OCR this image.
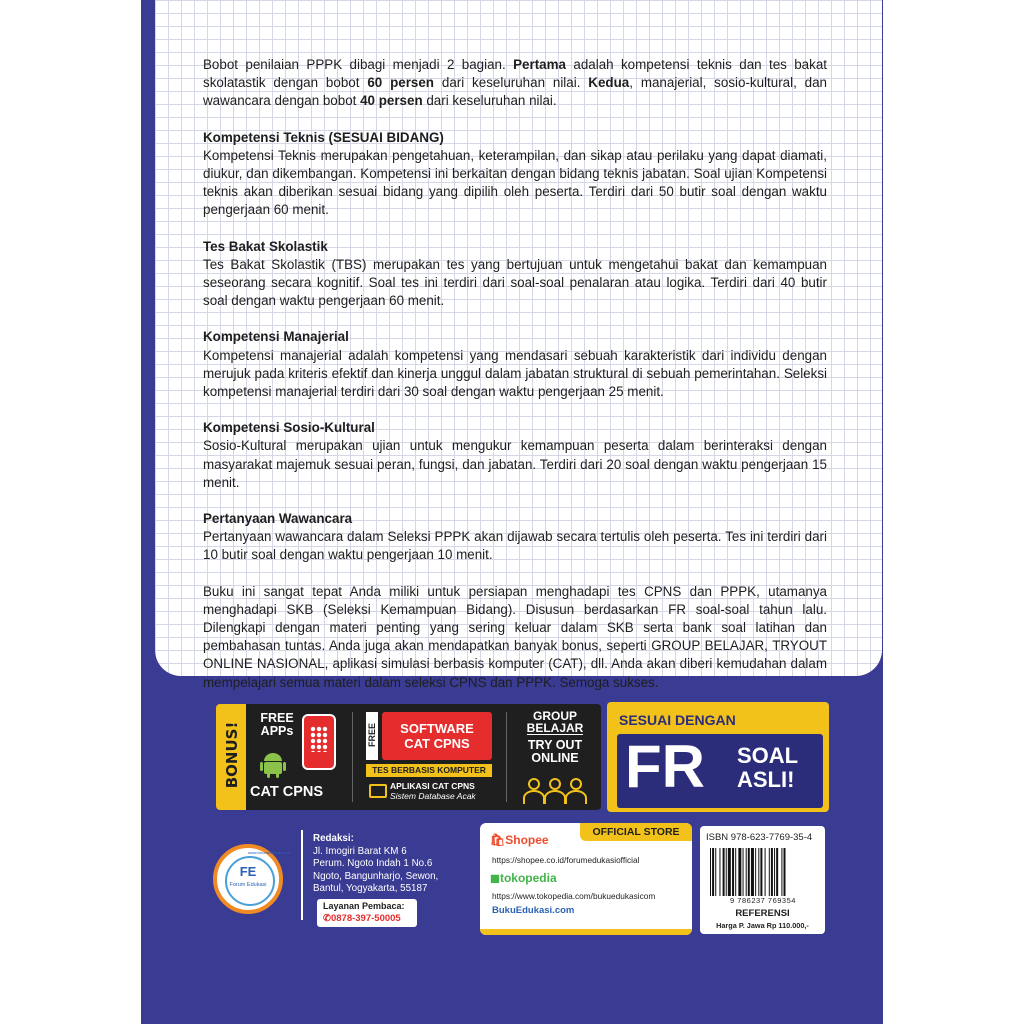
Bobot penilaian PPPK dibagi menjadi 2 bagian. Pertama adalah kompetensi teknis dan tes bakat skolatastik dengan bobot 60 persen dari keseluruhan nilai. Kedua, manajerial, sosio-kultural, dan wawancara dengan bobot 40 persen dari keseluruhan nilai.

Kompetensi Teknis (SESUAI BIDANG)

Kompetensi Teknis merupakan pengetahuan, keterampilan, dan sikap atau perilaku yang dapat diamati, diukur, dan dikembangan. Kompetensi ini berkaitan dengan bidang teknis jabatan. Soal ujian Kompetensi teknis akan diberikan sesuai bidang yang dipilih oleh peserta. Terdiri dari 50 butir soal dengan waktu pengerjaan 60 menit.

Tes Bakat Skolastik

Tes Bakat Skolastik (TBS) merupakan tes yang bertujuan untuk mengetahui bakat dan kemampuan seseorang secara kognitif. Soal tes ini terdiri dari soal-soal penalaran atau logika. Terdiri dari 40 butir soal dengan waktu pengerjaan 60 menit.

Kompetensi Manajerial

Kompetensi manajerial adalah kompetensi yang mendasari sebuah karakteristik dari individu dengan merujuk pada kriteris efektif dan kinerja unggul dalam jabatan struktural di sebuah pemerintahan. Seleksi kompetensi manajerial terdiri dari 30 soal dengan waktu pengerjaan 25 menit.

Kompetensi Sosio-Kultural

Sosio-Kultural merupakan ujian untuk mengukur kemampuan peserta dalam berinteraksi dengan masyarakat majemuk sesuai peran, fungsi, dan jabatan. Terdiri dari 20 soal dengan waktu pengerjaan 15 menit.

Pertanyaan Wawancara

Pertanyaan wawancara dalam Seleksi PPPK akan dijawab secara tertulis oleh peserta. Tes ini terdiri dari 10 butir soal dengan waktu pengerjaan 10 menit.

Buku ini sangat tepat Anda miliki untuk persiapan menghadapi tes CPNS dan PPPK, utamanya menghadapi SKB (Seleksi Kemampuan Bidang). Disusun berdasarkan FR soal-soal tahun lalu. Dilengkapi dengan materi penting yang sering keluar dalam SKB serta bank soal latihan dan pembahasan tuntas. Anda juga akan mendapatkan banyak bonus, seperti GROUP BELAJAR, TRYOUT ONLINE NASIONAL, aplikasi simulasi berbasis komputer (CAT), dll. Anda akan diberi kemudahan dalam mempelajari semua materi dalam seleksi CPNS dan PPPK. Semoga sukses.

BONUS!
FREE
APPs
CAT CPNS
FREE	SOFTWARE
CAT CPNS
TES BERBASIS KOMPUTER
APLIKASI CAT CPNS
Sistem Database Acak
GROUP
BELAJAR
TRY OUT
ONLINE
SESUAI DENGAN
FR SOAL
ASLI!
FE
Forum Edukasi
www.forumedukasi.com
Redaksi:
Jl. Imogiri Barat KM 6
Perum. Ngoto Indah 1 No.6
Ngoto, Bangunharjo, Sewon,
Bantul, Yogyakarta, 55187
Layanan Pembaca:
✆0878-397-50005
OFFICIAL STORE
🛍Shopee
https://shopee.co.id/forumedukasiofficial
◼tokopedia
https://www.tokopedia.com/bukuedukasicom
BukuEdukasi.com
ISBN 978-623-7769-35-4
9 786237 769354
REFERENSI
Harga P. Jawa Rp 110.000,-
